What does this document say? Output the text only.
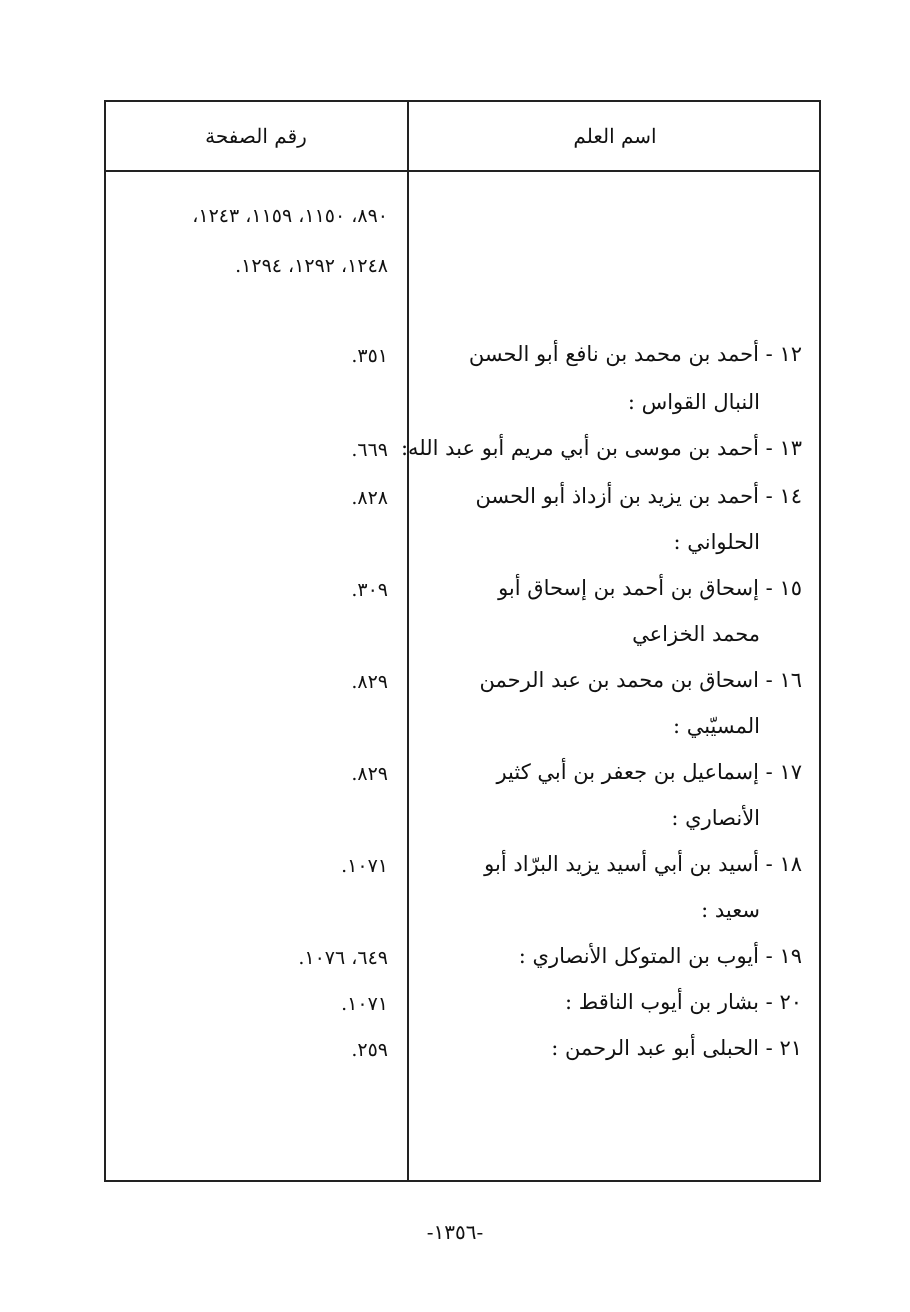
اسم العلم
رقم الصفحة
٨٩٠، ١١٥٠، ١١٥٩، ١٢٤٣،
١٢٤٨، ١٢٩٢، ١٢٩٤.
١٢ - أحمد بن محمد بن نافع أبو الحسن
النبال القواس :
٣٥١.
١٣ - أحمد بن موسى بن أبي مريم أبو عبد الله:
٦٦٩.
١٤ - أحمد بن يزيد بن أزداذ أبو الحسن
الحلواني :
٨٢٨.
١٥ - إسحاق بن أحمد بن إسحاق أبو
محمد الخزاعي
٣٠٩.
١٦ - اسحاق بن محمد بن عبد الرحمن
المسيّبي :
٨٢٩.
١٧ - إسماعيل بن جعفر بن أبي كثير
الأنصاري :
٨٢٩.
١٨ - أسيد بن أبي أسيد يزيد البرّاد أبو
سعيد :
١٠٧١.
١٩ - أيوب بن المتوكل الأنصاري :
٦٤٩، ١٠٧٦.
٢٠ - بشار بن أيوب الناقط :
١٠٧١.
٢١ - الحبلى أبو عبد الرحمن :
٢٥٩.
-١٣٥٦-
